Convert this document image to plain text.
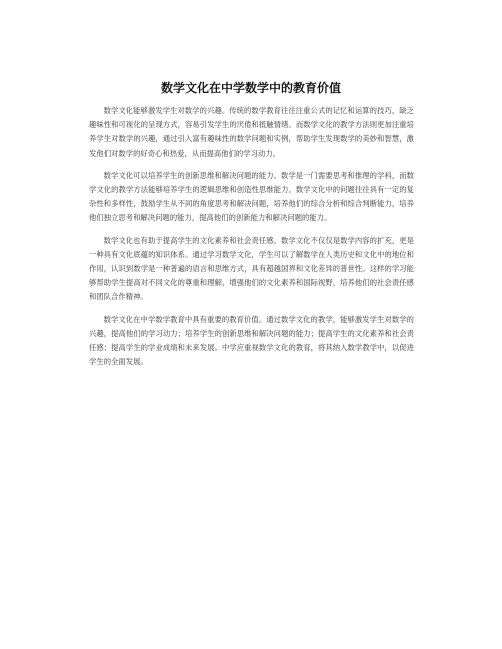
数学文化在中学数学中的教育价值

数学文化能够激发学生对数学的兴趣。传统的数学教育往往注重公式的记忆和运算的技巧，缺乏趣味性和可视化的呈现方式，容易引发学生的厌倦和抵触情绪。而数学文化的教学方法则更加注重培养学生对数学的兴趣，通过引入富有趣味性的数学问题和实例，帮助学生发现数学的美妙和智慧，激发他们对数学的好奇心和热爱，从而提高他们的学习动力。

数学文化可以培养学生的创新思维和解决问题的能力。数学是一门需要思考和推理的学科，而数学文化的教学方法能够培养学生的逻辑思维和创造性思维能力。数学文化中的问题往往具有一定的复杂性和多样性，鼓励学生从不同的角度思考和解决问题，培养他们的综合分析和综合判断能力，培养他们独立思考和解决问题的能力，提高他们的创新能力和解决问题的能力。

数学文化也有助于提高学生的文化素养和社会责任感。数学文化不仅仅是数学内容的扩充，更是一种具有文化底蕴的知识体系。通过学习数学文化，学生可以了解数学在人类历史和文化中的地位和作用，认识到数学是一种普遍的语言和思维方式，具有超越国界和文化差异的普世性。这样的学习能够帮助学生提高对不同文化的尊重和理解，增强他们的文化素养和国际视野，培养他们的社会责任感和团队合作精神。

数学文化在中学数学教育中具有重要的教育价值。通过数学文化的教学，能够激发学生对数学的兴趣，提高他们的学习动力；培养学生的创新思维和解决问题的能力；提高学生的文化素养和社会责任感；提高学生的学业成绩和未来发展。中学应重视数学文化的教育，将其纳入数学教学中，以促进学生的全面发展。
